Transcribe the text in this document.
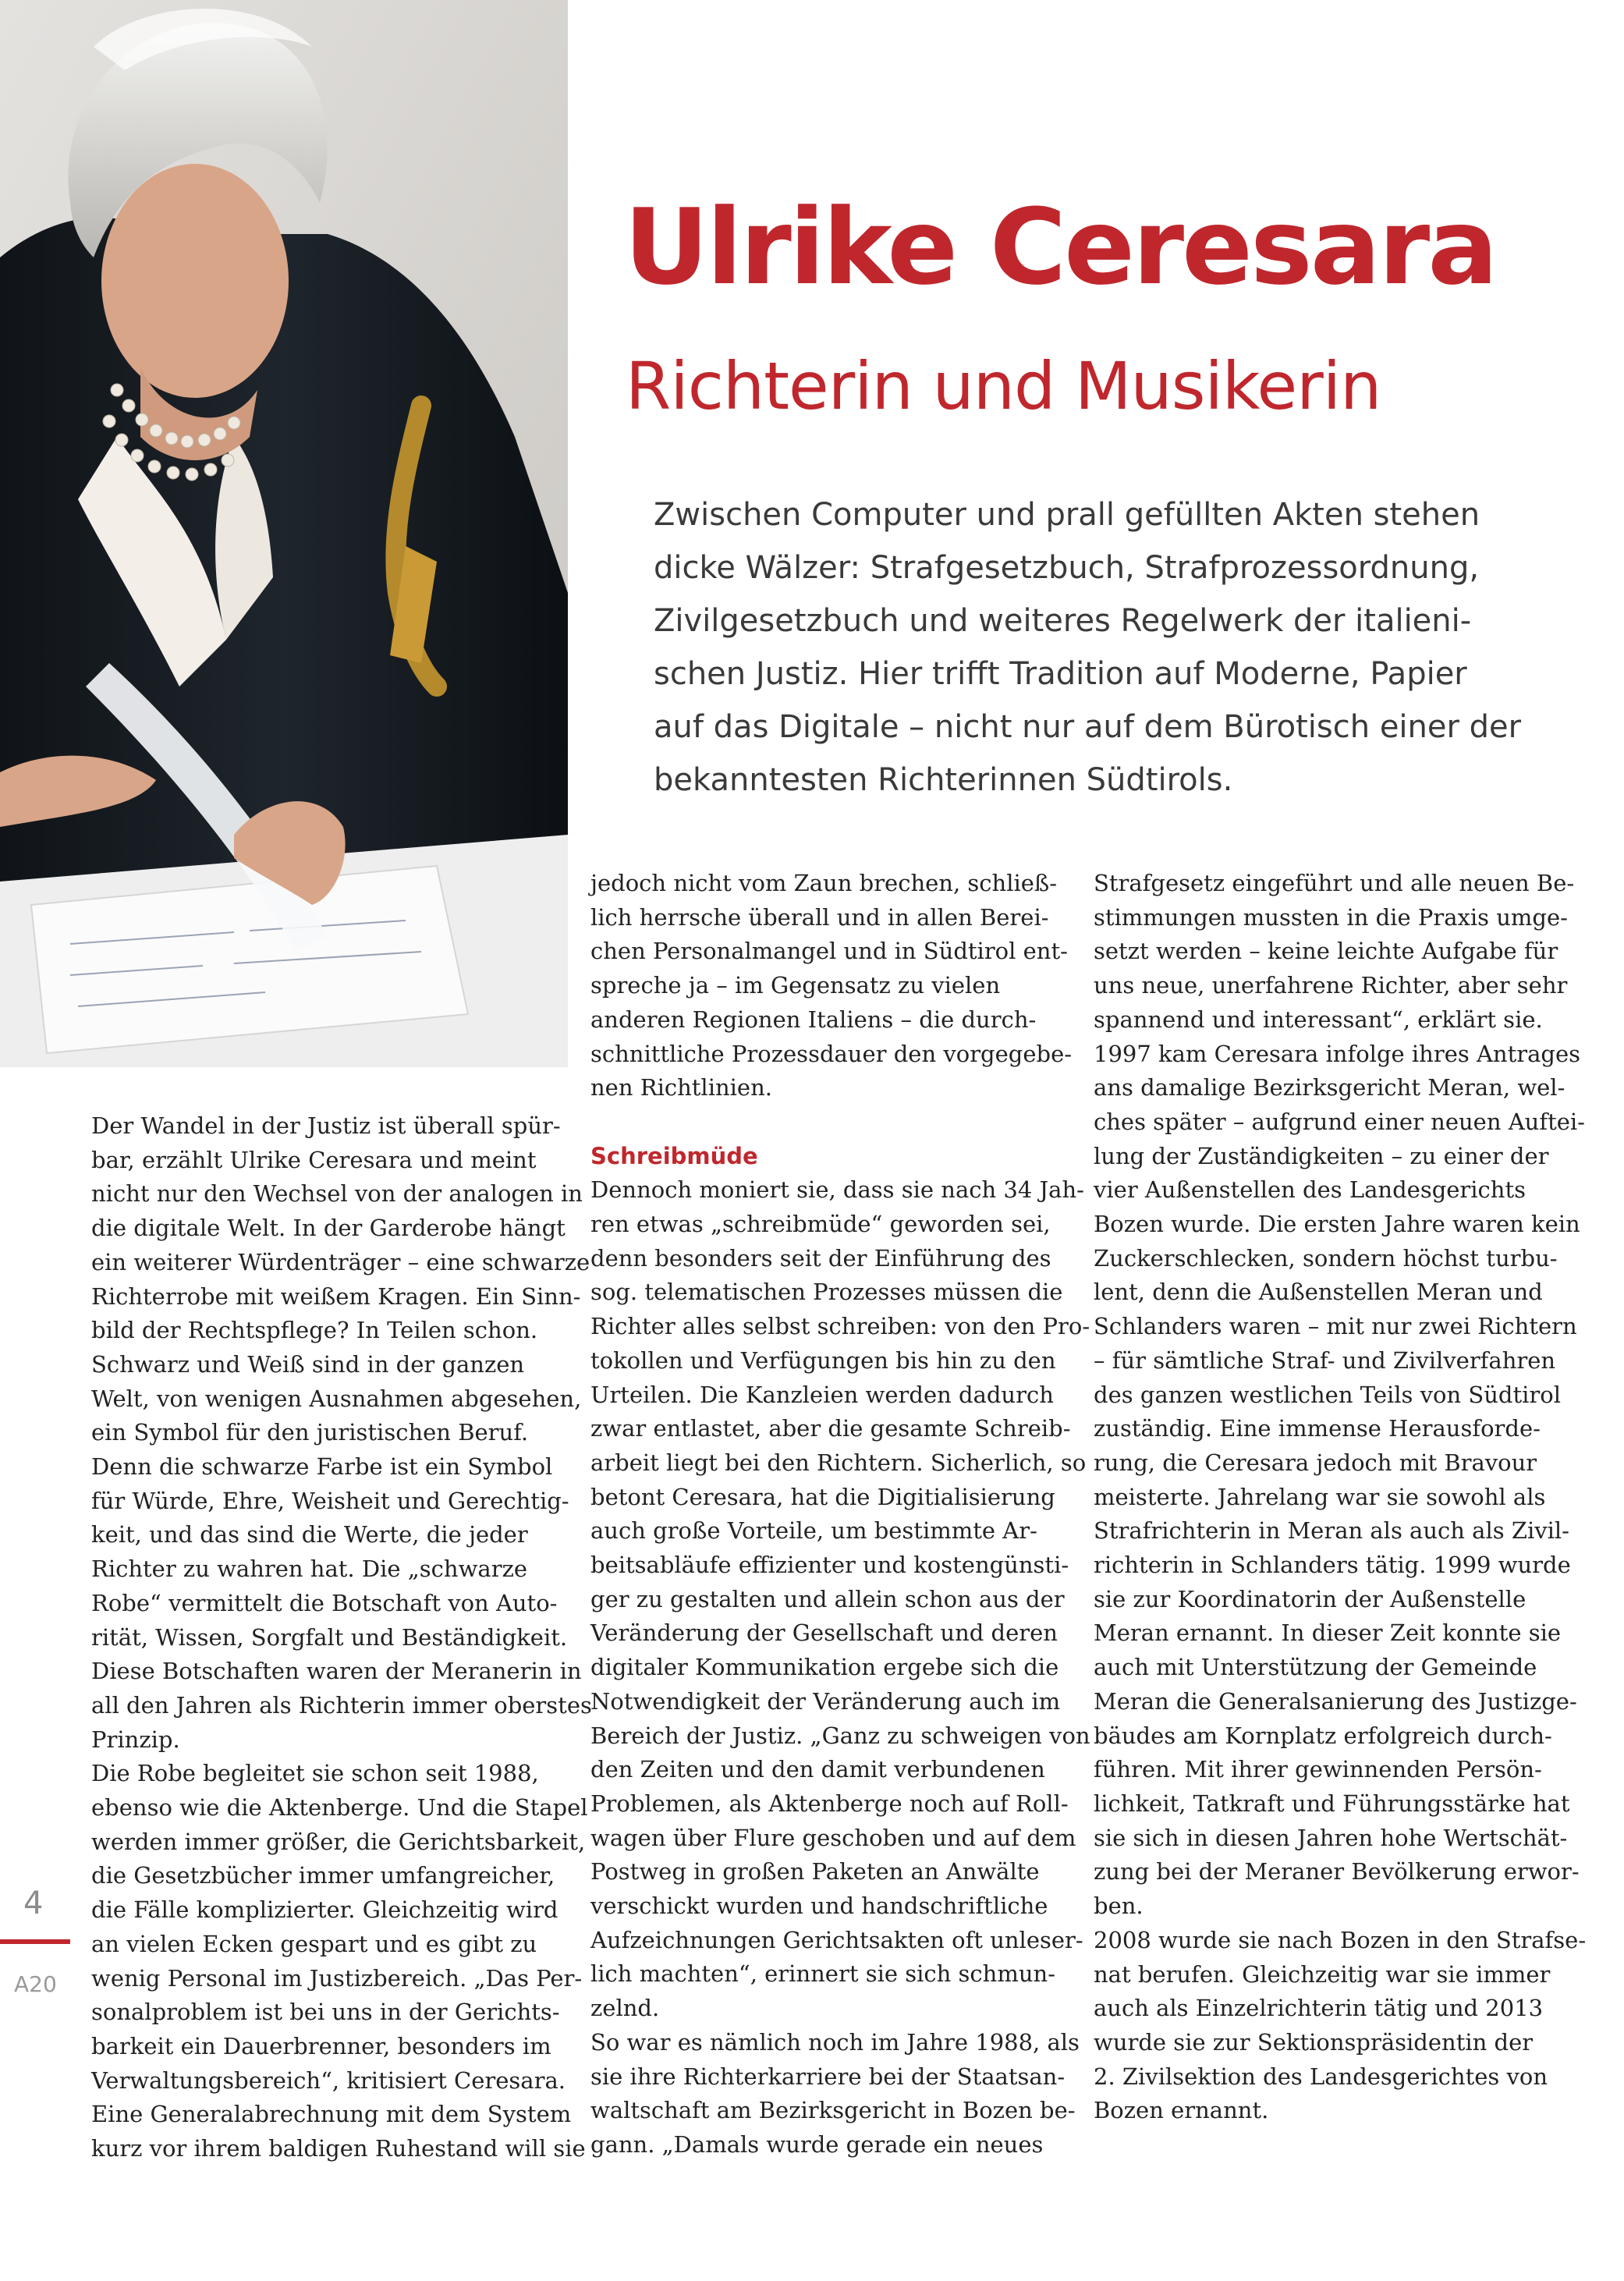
Ulrike Ceresara
Richterin und Musikerin

Zwischen Computer und prall gefüllten Akten stehen
dicke Wälzer: Strafgesetzbuch, Strafprozessordnung,
Zivilgesetzbuch und weiteres Regelwerk der italieni-
schen Justiz. Hier trifft Tradition auf Moderne, Papier
auf das Digitale – nicht nur auf dem Bürotisch einer der
bekanntesten Richterinnen Südtirols.

Der Wandel in der Justiz ist überall spür-
bar, erzählt Ulrike Ceresara und meint
nicht nur den Wechsel von der analogen in
die digitale Welt. In der Garderobe hängt
ein weiterer Würdenträger – eine schwarze
Richterrobe mit weißem Kragen. Ein Sinn-
bild der Rechtspflege? In Teilen schon.
Schwarz und Weiß sind in der ganzen
Welt, von wenigen Ausnahmen abgesehen,
ein Symbol für den juristischen Beruf.
Denn die schwarze Farbe ist ein Symbol
für Würde, Ehre, Weisheit und Gerechtig-
keit, und das sind die Werte, die jeder
Richter zu wahren hat. Die „schwarze
Robe“ vermittelt die Botschaft von Auto-
rität, Wissen, Sorgfalt und Beständigkeit.
Diese Botschaften waren der Meranerin in
all den Jahren als Richterin immer oberstes
Prinzip.
Die Robe begleitet sie schon seit 1988,
ebenso wie die Aktenberge. Und die Stapel
werden immer größer, die Gerichtsbarkeit,
die Gesetzbücher immer umfangreicher,
die Fälle komplizierter. Gleichzeitig wird
an vielen Ecken gespart und es gibt zu
wenig Personal im Justizbereich. „Das Per-
sonalproblem ist bei uns in der Gerichts-
barkeit ein Dauerbrenner, besonders im
Verwaltungsbereich“, kritisiert Ceresara.
Eine Generalabrechnung mit dem System
kurz vor ihrem baldigen Ruhestand will sie
jedoch nicht vom Zaun brechen, schließ-
lich herrsche überall und in allen Berei-
chen Personalmangel und in Südtirol ent-
spreche ja – im Gegensatz zu vielen
anderen Regionen Italiens – die durch-
schnittliche Prozessdauer den vorgegebe-
nen Richtlinien.
Schreibmüde
Dennoch moniert sie, dass sie nach 34 Jah-
ren etwas „schreibmüde“ geworden sei,
denn besonders seit der Einführung des
sog. telematischen Prozesses müssen die
Richter alles selbst schreiben: von den Pro-
tokollen und Verfügungen bis hin zu den
Urteilen. Die Kanzleien werden dadurch
zwar entlastet, aber die gesamte Schreib-
arbeit liegt bei den Richtern. Sicherlich, so
betont Ceresara, hat die Digitialisierung
auch große Vorteile, um bestimmte Ar-
beitsabläufe effizienter und kostengünsti-
ger zu gestalten und allein schon aus der
Veränderung der Gesellschaft und deren
digitaler Kommunikation ergebe sich die
Notwendigkeit der Veränderung auch im
Bereich der Justiz. „Ganz zu schweigen von
den Zeiten und den damit verbundenen
Problemen, als Aktenberge noch auf Roll-
wagen über Flure geschoben und auf dem
Postweg in großen Paketen an Anwälte
verschickt wurden und handschriftliche
Aufzeichnungen Gerichtsakten oft unleser-
lich machten“, erinnert sie sich schmun-
zelnd.
So war es nämlich noch im Jahre 1988, als
sie ihre Richterkarriere bei der Staatsan-
waltschaft am Bezirksgericht in Bozen be-
gann. „Damals wurde gerade ein neues
Strafgesetz eingeführt und alle neuen Be-
stimmungen mussten in die Praxis umge-
setzt werden – keine leichte Aufgabe für
uns neue, unerfahrene Richter, aber sehr
spannend und interessant“, erklärt sie.
1997 kam Ceresara infolge ihres Antrages
ans damalige Bezirksgericht Meran, wel-
ches später – aufgrund einer neuen Auftei-
lung der Zuständigkeiten – zu einer der
vier Außenstellen des Landesgerichts
Bozen wurde. Die ersten Jahre waren kein
Zuckerschlecken, sondern höchst turbu-
lent, denn die Außenstellen Meran und
Schlanders waren – mit nur zwei Richtern
– für sämtliche Straf- und Zivilverfahren
des ganzen westlichen Teils von Südtirol
zuständig. Eine immense Herausforde-
rung, die Ceresara jedoch mit Bravour
meisterte. Jahrelang war sie sowohl als
Strafrichterin in Meran als auch als Zivil-
richterin in Schlanders tätig. 1999 wurde
sie zur Koordinatorin der Außenstelle
Meran ernannt. In dieser Zeit konnte sie
auch mit Unterstützung der Gemeinde
Meran die Generalsanierung des Justizge-
bäudes am Kornplatz erfolgreich durch-
führen. Mit ihrer gewinnenden Persön-
lichkeit, Tatkraft und Führungsstärke hat
sie sich in diesen Jahren hohe Wertschät-
zung bei der Meraner Bevölkerung erwor-
ben.
2008 wurde sie nach Bozen in den Strafse-
nat berufen. Gleichzeitig war sie immer
auch als Einzelrichterin tätig und 2013
wurde sie zur Sektionspräsidentin der
2. Zivilsektion des Landesgerichtes von
Bozen ernannt.
4
A20
